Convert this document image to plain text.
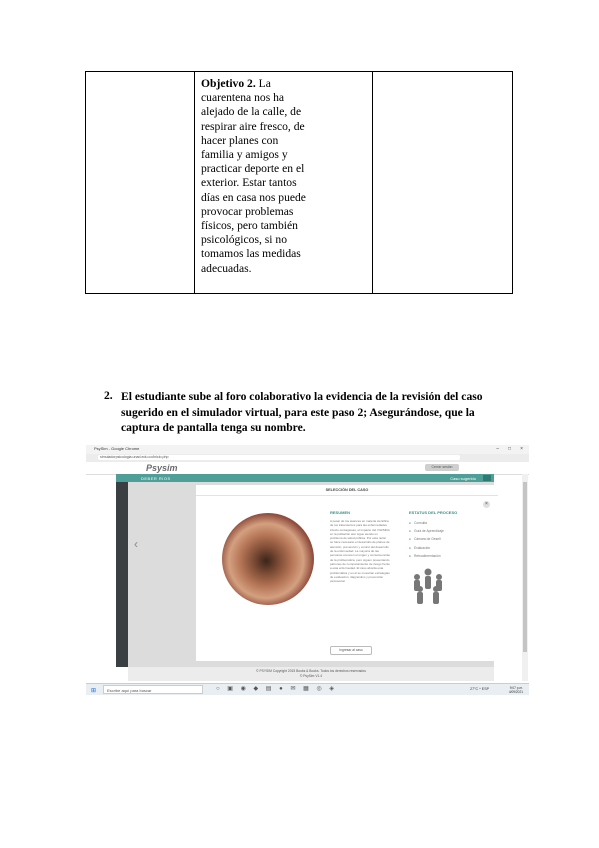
Objetivo 2. La cuarentena nos ha alejado de la calle, de respirar aire fresco, de hacer planes con familia y amigos y practicar deporte en el exterior. Estar tantos días en casa nos puede provocar problemas físicos, pero también psicológicos, si no tomamos las medidas adecuadas.
2. El estudiante sube al foro colaborativo la evidencia de la revisión del caso sugerido en el simulador virtual, para este paso 2; Asegurándose, que la captura de pantalla tenga su nombre.
PsySim - Google Chrome	– □ ×
simuladorpsicologia.unad.edu.co/inicio.php
Psysim	Cerrar sesión
DEBER RIOS	Caso sugerido
SELECCIÓN DEL CASO
×
‹
RESUMEN
A pesar de los avances en materia científica de los tratamientos para las enfermedades infecto-contagiosas, el impacto del VIH/SIDA en la población aún sigue siendo un problema de salud pública. Por esta razón se hace necesario el desarrollo de planes de atención, prevención y control del desarrollo de la enfermedad. La mayoría de las personas conocen el origen y consecuencias de la problemática, pero siguen presentando patrones de comportamiento de riesgo frente a esta enfermedad. El caso aborda esta problemática y en él se muestran estrategias de evaluación, diagnóstico y prevención psicosocial.
Ingresar al caso
ESTATUS DEL PROCESO
● Consulta
● Guía de Aprendizaje
● Cámara de Gesell
● Evaluación
● Retroalimentación
© PSYSIM Copyright 2015 Books & Books. Todos los derechos reservados
© PsySim V1.4
⊞	Escribe aquí para buscar	○ ▣ ◉ ◆ ▤ ● ✉ ▦ ◎ ◈	27°C ^ ESP	9:07 p.m.
4/09/2021
